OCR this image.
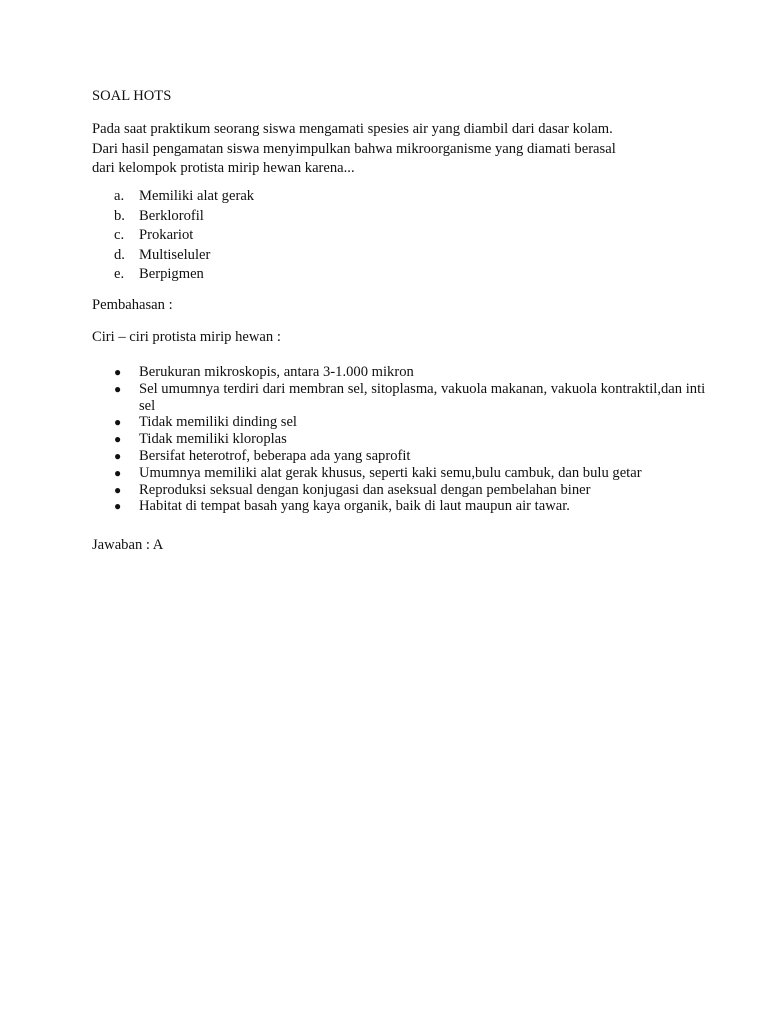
SOAL HOTS

Pada saat praktikum seorang siswa mengamati spesies air yang diambil dari dasar kolam.
Dari hasil pengamatan siswa menyimpulkan bahwa mikroorganisme yang diamati berasal
dari kelompok protista mirip hewan karena...

a.	Memiliki alat gerak
b. Berklorofil
c.	Prokariot
d. Multiseluler
e.	Berpigmen

Pembahasan :

Ciri – ciri protista mirip hewan :

●	Berukuran mikroskopis, antara 3-1.000 mikron
●	Sel umumnya terdiri dari membran sel, sitoplasma, vakuola makanan, vakuola kontraktil,dan inti sel
●	Tidak memiliki dinding sel
●	Tidak memiliki kloroplas
●	Bersifat heterotrof, beberapa ada yang saprofit
●	Umumnya memiliki alat gerak khusus, seperti kaki semu,bulu cambuk, dan bulu getar
●	Reproduksi seksual dengan konjugasi dan aseksual dengan pembelahan biner
●	Habitat di tempat basah yang kaya organik, baik di laut maupun air tawar.

Jawaban : A
